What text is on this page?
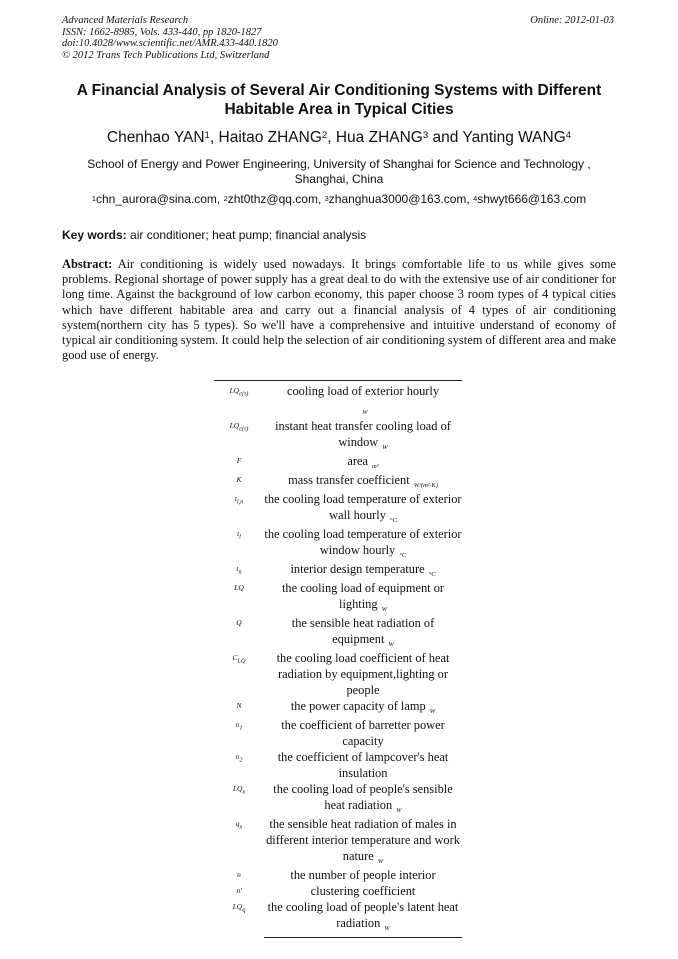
Advanced Materials Research
ISSN: 1662-8985, Vols. 433-440, pp 1820-1827
doi:10.4028/www.scientific.net/AMR.433-440.1820
© 2012 Trans Tech Publications Ltd, Switzerland
Online: 2012-01-03
A Financial Analysis of Several Air Conditioning Systems with Different Habitable Area in Typical Cities
Chenhao YAN$^1$, Haitao ZHANG$^2$, Hua ZHANG$^3$ and Yanting WANG$^4$
School of Energy and Power Engineering, University of Shanghai for Science and Technology , Shanghai, China
$^1$chn_aurora@sina.com, $^2$zht0thz@qq.com, $^3$zhanghua3000@163.com, $^4$shwyt666@163.com
Key words: air conditioner; heat pump; financial analysis
Abstract: Air conditioning is widely used nowadays. It brings comfortable life to us while gives some problems. Regional shortage of power supply has a great deal to do with the extensive use of air conditioner for long time. Against the background of low carbon economy, this paper choose 3 room types of 4 typical cities which have different habitable area and carry out a financial analysis of 4 types of air conditioning system(northern city has 5 types). So we'll have a comprehensive and intuitive understand of economy of typical air conditioning system. It could help the selection of air conditioning system of different area and make good use of energy.
$LQ_{c(\tau)}$	cooling load of exterior hourly
$_W$
$LQ_{c(\tau)}$	instant heat transfer cooling load of window $_W$
F	area $_{m^2}$
K	mass transfer coefficient $_{W/(m^2\cdot K)}$
$t_{l,n}$	the cooling load temperature of exterior wall hourly $_{^\circ C}$
$t_l$	the cooling load temperature of exterior window hourly $_{^\circ C}$
$t_n$	interior design temperature $_{^\circ C}$
LQ	the cooling load of equipment or lighting $_W$
Q	the sensible heat radiation of equipment $_W$
$C_{LQ}$	the cooling load coefficient of heat radiation by equipment,lighting or people
N	the power capacity of lamp $_W$
$n_1$	the coefficient of barretter power capacity
$n_2$	the coefficient of lampcover's heat insulation
$LQ_x$	the cooling load of people's sensible heat radiation $_W$
$q_x$	the sensible heat radiation of males in different interior temperature and work nature $_W$
n	the number of people interior
n'	clustering coefficient
$LQ_q$	the cooling load of people's latent heat radiation $_W$
